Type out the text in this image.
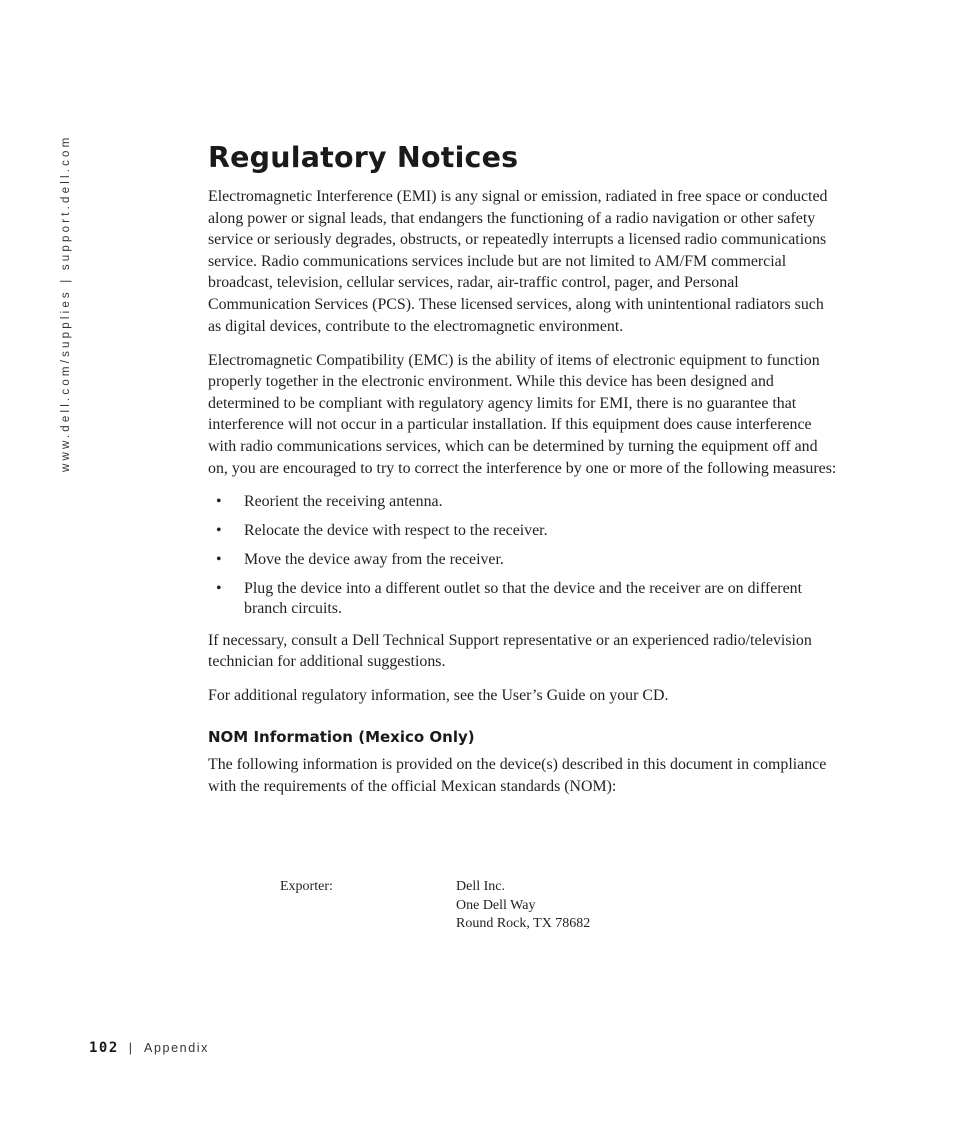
www.dell.com/supplies | support.dell.com	Regulatory Notices

Electromagnetic Interference (EMI) is any signal or emission, radiated in free space or conducted along power or signal leads, that endangers the functioning of a radio navigation or other safety service or seriously degrades, obstructs, or repeatedly interrupts a licensed radio communications service. Radio communications services include but are not limited to AM/FM commercial broadcast, television, cellular services, radar, air-traffic control, pager, and Personal Communication Services (PCS). These licensed services, along with unintentional radiators such as digital devices, contribute to the electromagnetic environment.

Electromagnetic Compatibility (EMC) is the ability of items of electronic equipment to function properly together in the electronic environment. While this device has been designed and determined to be compliant with regulatory agency limits for EMI, there is no guarantee that interference will not occur in a particular installation. If this equipment does cause interference with radio communications services, which can be determined by turning the equipment off and on, you are encouraged to try to correct the interference by one or more of the following measures:

• Reorient the receiving antenna.
• Relocate the device with respect to the receiver.
• Move the device away from the receiver.
• Plug the device into a different outlet so that the device and the receiver are on different branch circuits.

If necessary, consult a Dell Technical Support representative or an experienced radio/television technician for additional suggestions.

For additional regulatory information, see the User’s Guide on your CD.

NOM Information (Mexico Only)

The following information is provided on the device(s) described in this document in compliance with the requirements of the official Mexican standards (NOM):

Exporter:	Dell Inc.
One Dell Way
Round Rock, TX 78682
102 | Appendix
